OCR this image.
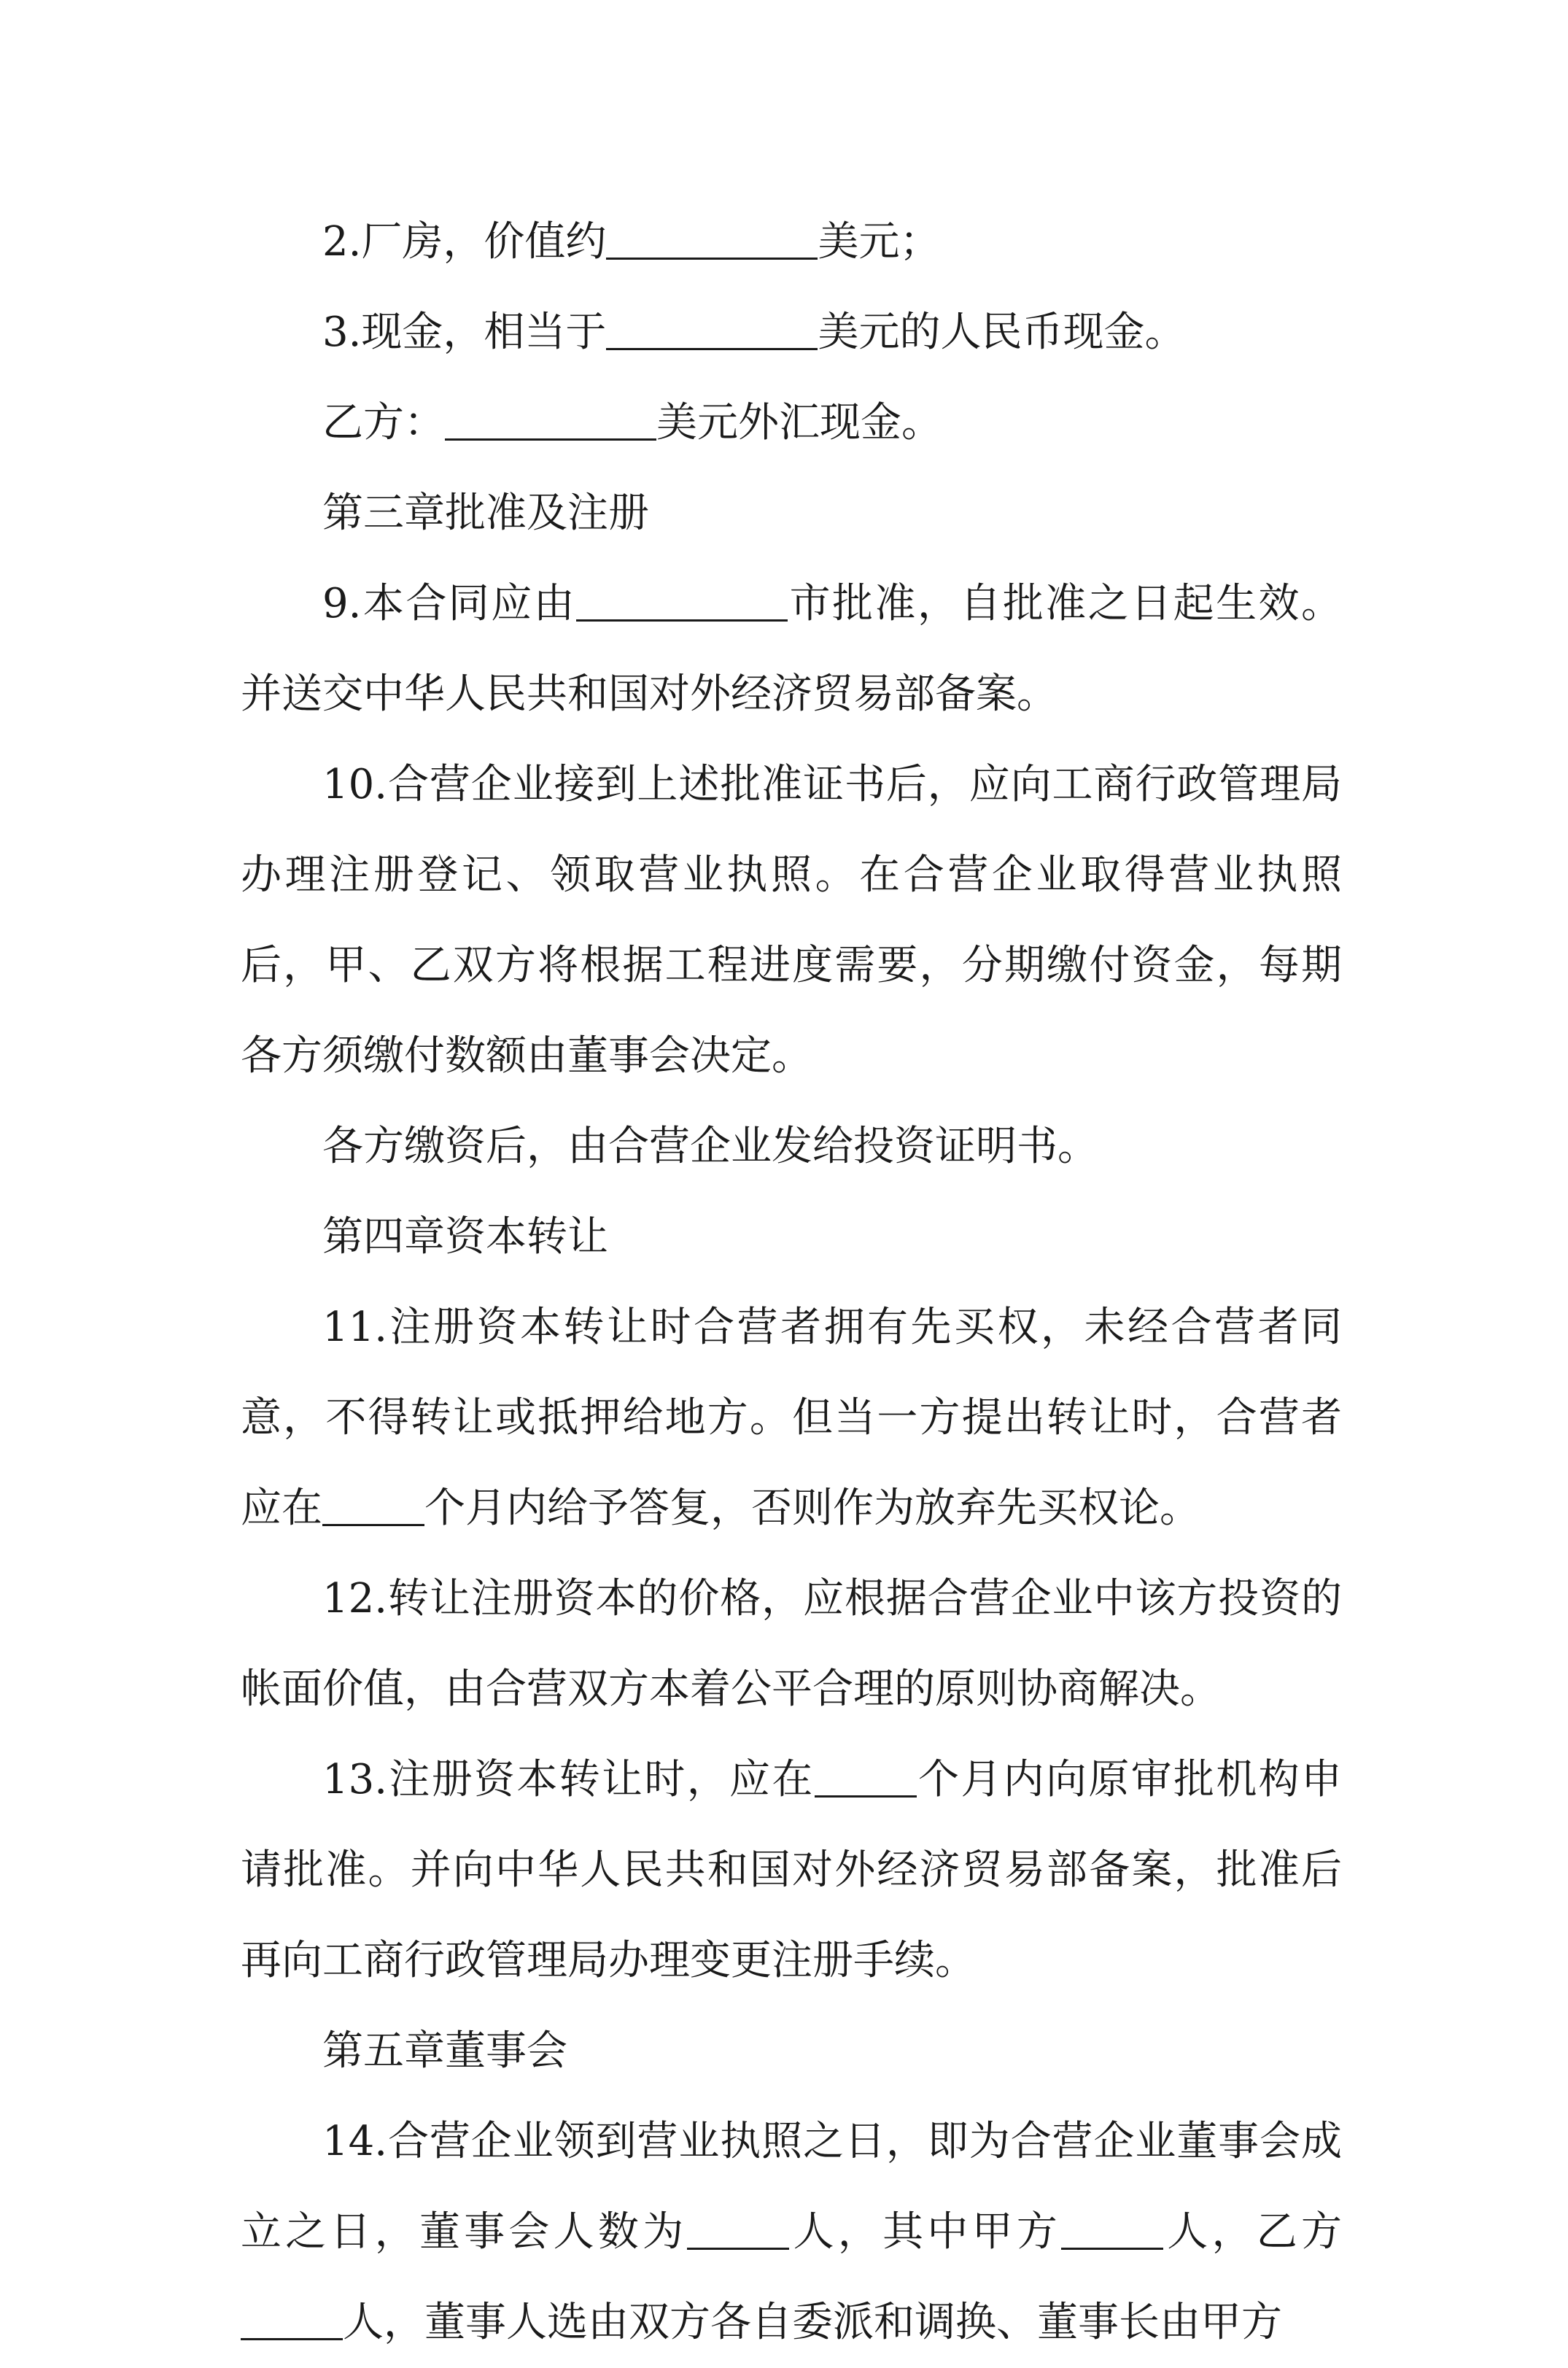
2.厂房，价值约	美元；

3.现金，相当于	美元的人民币现金。

乙方：	美元外汇现金。

第三章批准及注册

9.本合同应由	市批准，自批准之日起生效。并送交中华人民共和国对外经济贸易部备案。

10.合营企业接到上述批准证书后，应向工商行政管理局办理注册登记、领取营业执照。在合营企业取得营业执照后，甲、乙双方将根据工程进度需要，分期缴付资金，每期各方须缴付数额由董事会决定。

各方缴资后，由合营企业发给投资证明书。

第四章资本转让

11.注册资本转让时合营者拥有先买权，未经合营者同意，不得转让或抵押给地方。但当一方提出转让时，合营者应在	个月内给予答复，否则作为放弃先买权论。

12.转让注册资本的价格，应根据合营企业中该方投资的帐面价值，由合营双方本着公平合理的原则协商解决。

13.注册资本转让时，应在	个月内向原审批机构申请批准。并向中华人民共和国对外经济贸易部备案，批准后再向工商行政管理局办理变更注册手续。

第五章董事会

14.合营企业领到营业执照之日，即为合营企业董事会成立之日，董事会人数为	人，其中甲方	人，乙方人，董事人选由双方各自委派和调换、董事长由甲方
